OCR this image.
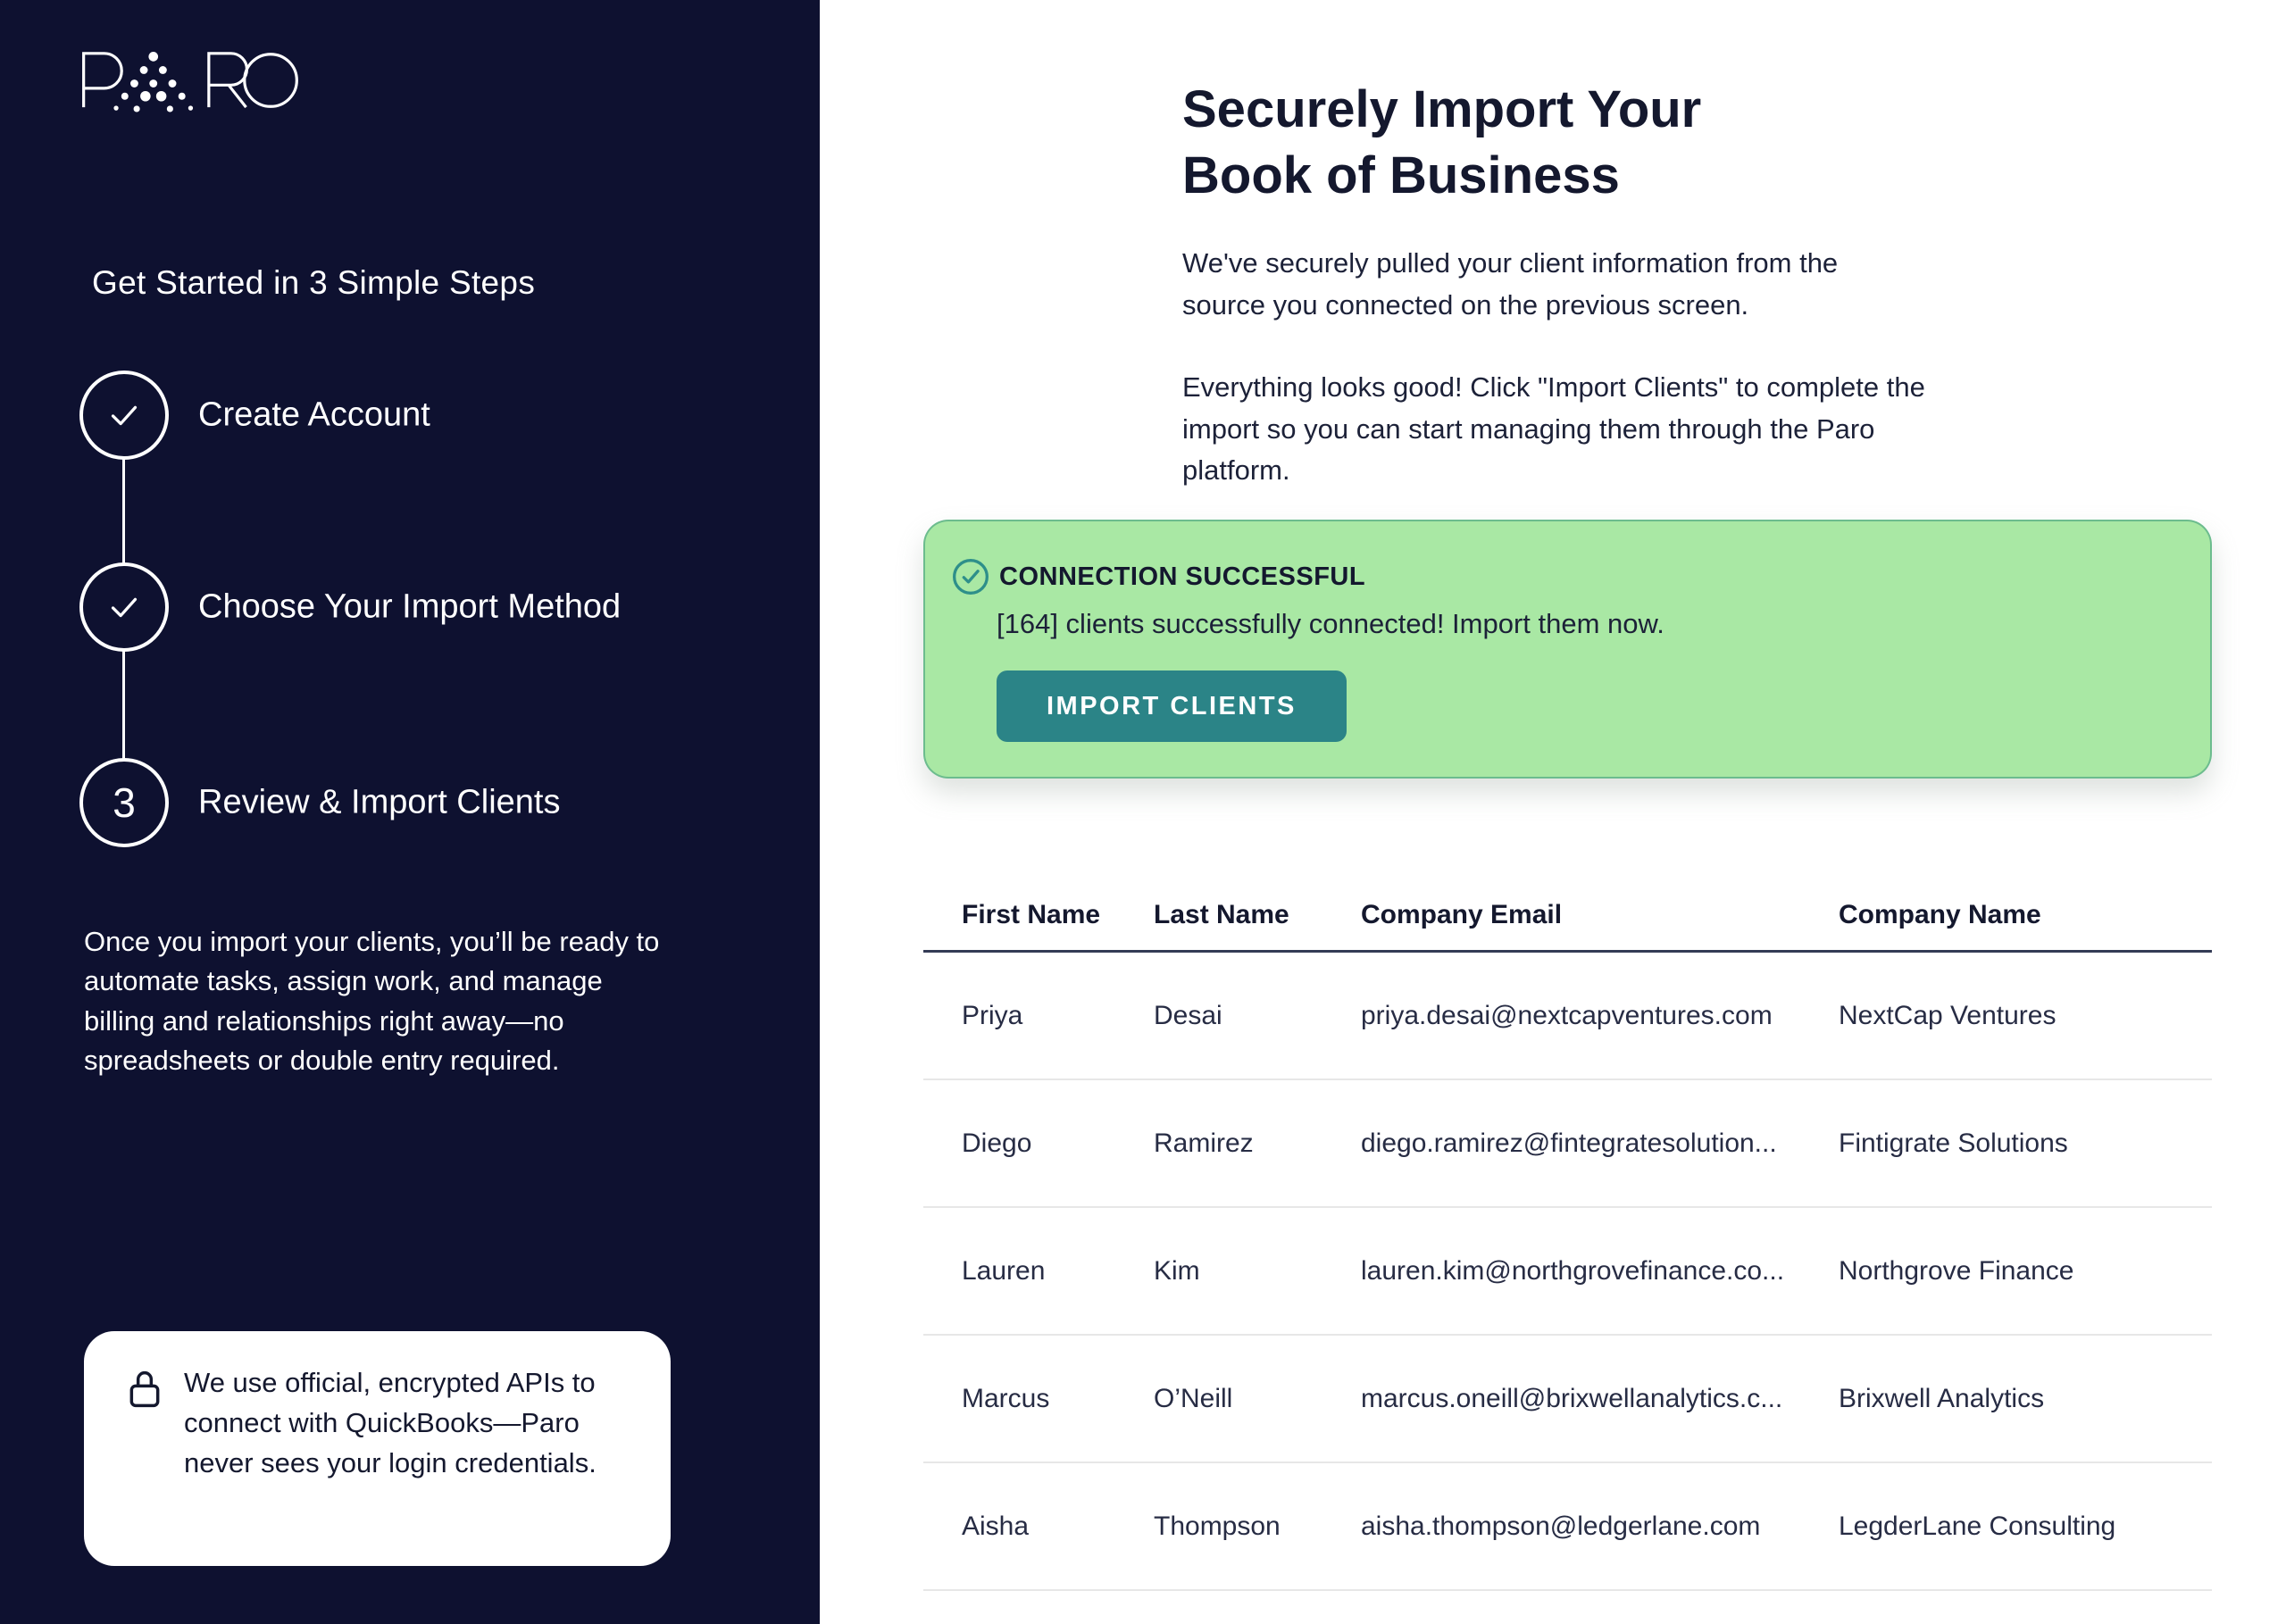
Get Started in 3 Simple Steps
Create Account
Choose Your Import Method
3 Review & Import Clients

Once you import your clients, you’ll be ready to automate tasks, assign work, and manage billing and relationships right away—no spreadsheets or double entry required.

We use official, encrypted APIs to connect with QuickBooks—Paro never sees your login credentials.
Securely Import Your
Book of Business

We've securely pulled your client information from the source you connected on the previous screen.

Everything looks good! Click "Import Clients" to complete the import so you can start managing them through the Paro platform.

CONNECTION SUCCESSFUL
[164] clients successfully connected! Import them now.
IMPORT CLIENTS
First Name	Last Name	Company Email	Company Name
Priya	Desai	priya.desai@nextcapventures.com	NextCap Ventures
Diego	Ramirez	diego.ramirez@fintegratesolution...	Fintigrate Solutions
Lauren	Kim	lauren.kim@northgrovefinance.co...	Northgrove Finance
Marcus	O’Neill	marcus.oneill@brixwellanalytics.c...	Brixwell Analytics
Aisha	Thompson	aisha.thompson@ledgerlane.com	LegderLane Consulting
